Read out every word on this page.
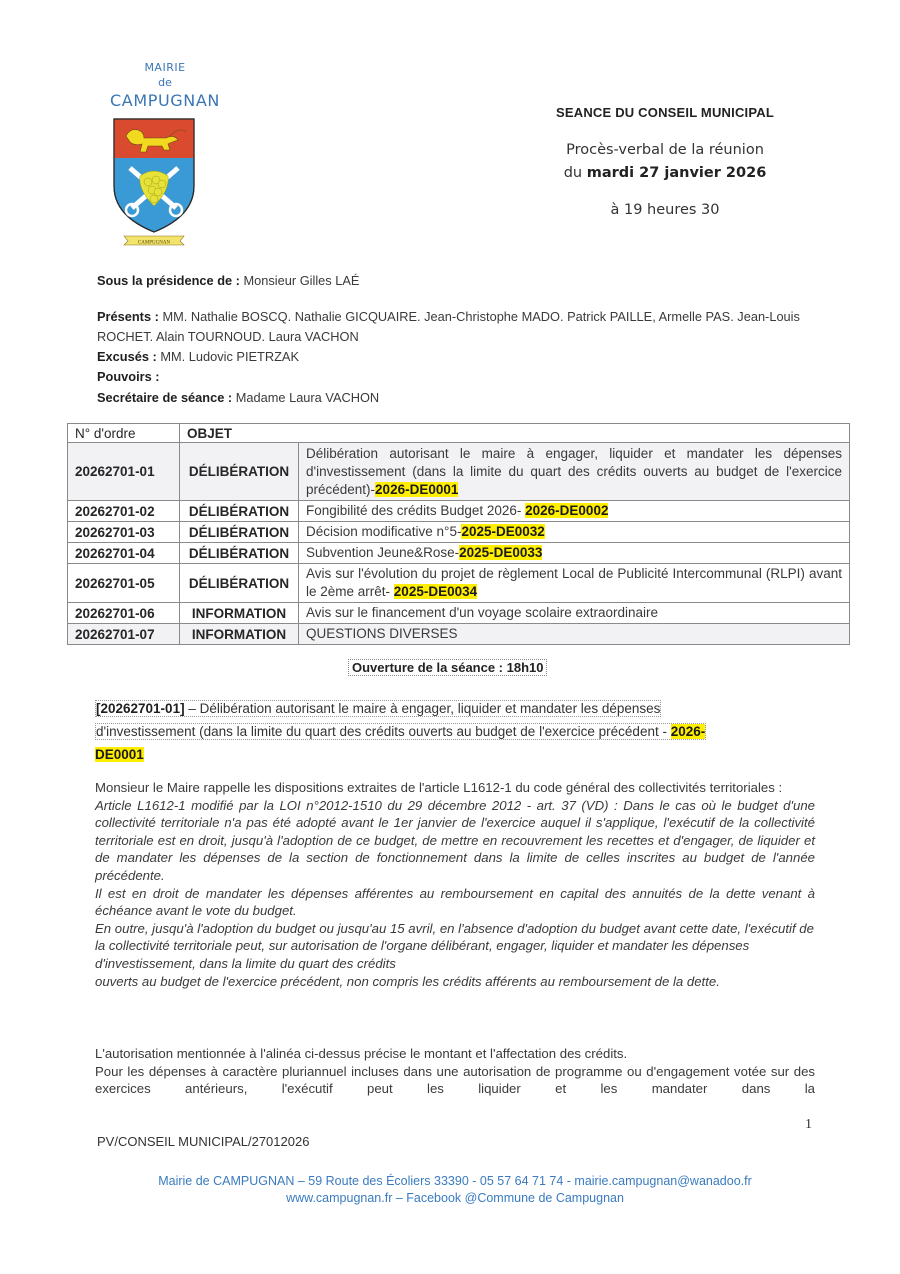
MAIRIE
de
CAMPUGNAN
CAMPUGNAN
SEANCE DU CONSEIL MUNICIPAL
Procès-verbal de la réunion
du mardi 27 janvier 2026
à 19 heures 30
Sous la présidence de : Monsieur Gilles LAÉ
Présents : MM. Nathalie BOSCQ. Nathalie GICQUAIRE. Jean-Christophe MADO. Patrick PAILLE, Armelle PAS. Jean-Louis ROCHET. Alain TOURNOUD. Laura VACHON
Excusés : MM. Ludovic PIETRZAK
Pouvoirs :
Secrétaire de séance : Madame Laura VACHON
N° d'ordre	OBJET	
20262701-01	DÉLIBÉRATION	Délibération autorisant le maire à engager, liquider et mandater les dépenses d'investissement (dans la limite du quart des crédits ouverts au budget de l'exercice précédent)-2026-DE0001
20262701-02	DÉLIBÉRATION	Fongibilité des crédits Budget 2026- 2026-DE0002
20262701-03	DÉLIBÉRATION	Décision modificative n°5-2025-DE0032
20262701-04	DÉLIBÉRATION	Subvention Jeune&Rose-2025-DE0033
20262701-05	DÉLIBÉRATION	Avis sur l'évolution du projet de règlement Local de Publicité Intercommunal (RLPI) avant le 2ème arrêt- 2025-DE0034
20262701-06	INFORMATION	Avis sur le financement d'un voyage scolaire extraordinaire
20262701-07	INFORMATION	QUESTIONS DIVERSES
Ouverture de la séance : 18h10
[20262701-01] – Délibération autorisant le maire à engager, liquider et mandater les dépenses
d'investissement (dans la limite du quart des crédits ouverts au budget de l'exercice précédent - 2026-
DE0001

Monsieur le Maire rappelle les dispositions extraites de l'article L1612-1 du code général des collectivités territoriales :

Article L1612-1 modifié par la LOI n°2012-1510 du 29 décembre 2012 - art. 37 (VD) : Dans le cas où le budget d'une collectivité territoriale n'a pas été adopté avant le 1er janvier de l'exercice auquel il s'applique, l'exécutif de la collectivité territoriale est en droit, jusqu'à l'adoption de ce budget, de mettre en recouvrement les recettes et d'engager, de liquider et de mandater les dépenses de la section de fonctionnement dans la limite de celles inscrites au budget de l'année précédente.

Il est en droit de mandater les dépenses afférentes au remboursement en capital des annuités de la dette venant à échéance avant le vote du budget.

En outre, jusqu'à l'adoption du budget ou jusqu'au 15 avril, en l'absence d'adoption du budget avant cette date, l'exécutif de la collectivité territoriale peut, sur autorisation de l'organe délibérant, engager, liquider et mandater les dépenses d'investissement, dans la limite du quart des crédits

ouverts au budget de l'exercice précédent, non compris les crédits afférents au remboursement de la dette.

L'autorisation mentionnée à l'alinéa ci-dessus précise le montant et l'affectation des crédits.

Pour les dépenses à caractère pluriannuel incluses dans une autorisation de programme ou d'engagement votée sur des exercices antérieurs, l'exécutif peut les liquider et les mandater dans la

1
PV/CONSEIL MUNICIPAL/27012026
Mairie de CAMPUGNAN – 59 Route des Écoliers 33390 - 05 57 64 71 74 - mairie.campugnan@wanadoo.fr
www.campugnan.fr – Facebook @Commune de Campugnan
